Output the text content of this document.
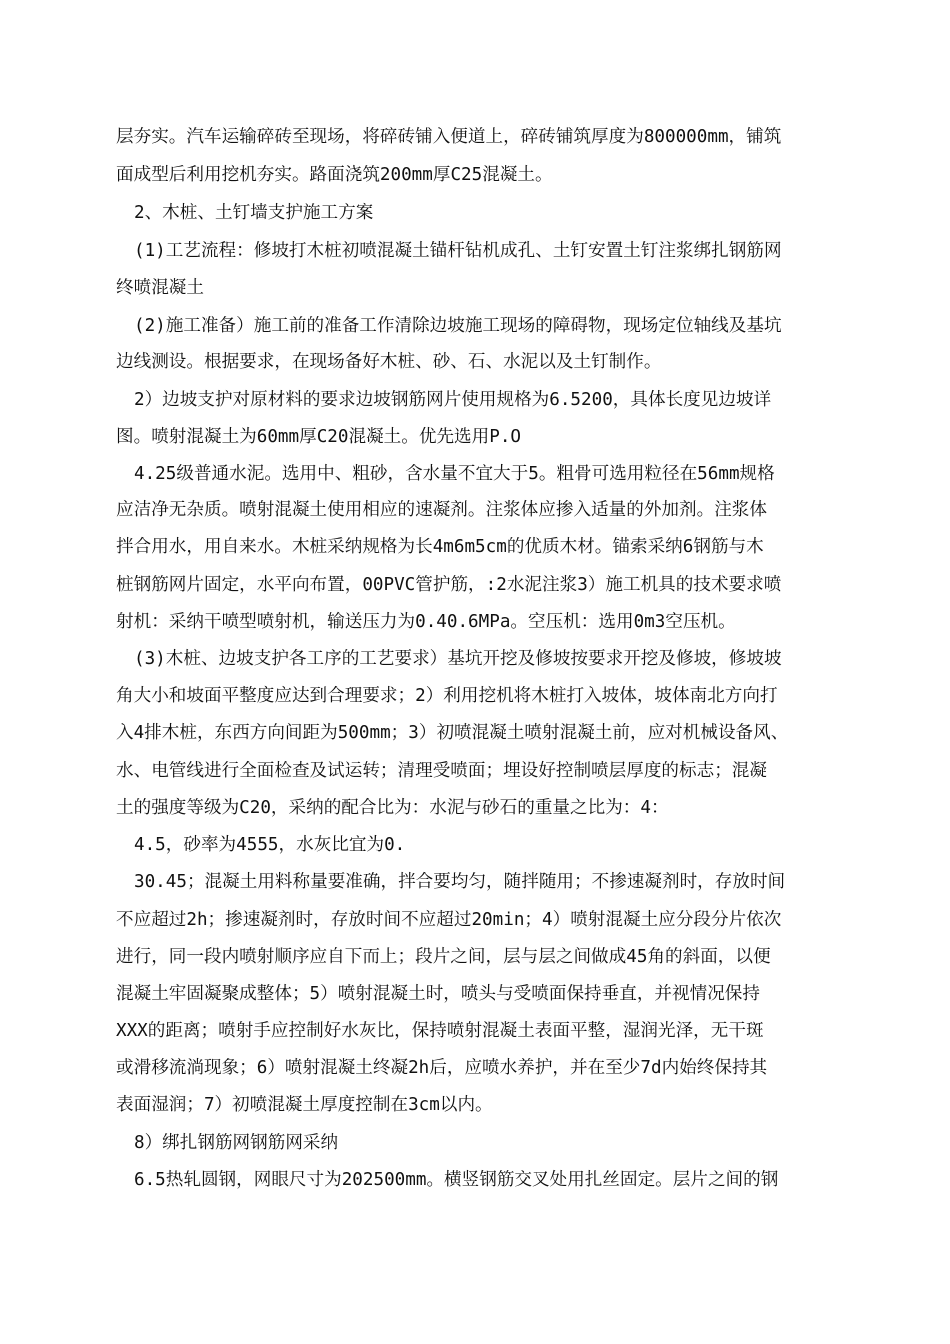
层夯实。汽车运输碎砖至现场，将碎砖铺入便道上，碎砖铺筑厚度为800000mm，铺筑
面成型后利用挖机夯实。路面浇筑200mm厚C25混凝土。
2、木桩、土钉墙支护施工方案
(1)工艺流程：修坡打木桩初喷混凝土锚杆钻机成孔、土钉安置土钉注浆绑扎钢筋网
终喷混凝土
(2)施工准备）施工前的准备工作清除边坡施工现场的障碍物，现场定位轴线及基坑
边线测设。根据要求，在现场备好木桩、砂、石、水泥以及土钉制作。
2）边坡支护对原材料的要求边坡钢筋网片使用规格为6.5200，具体长度见边坡详
图。喷射混凝土为60mm厚C20混凝土。优先选用P.O
4.25级普通水泥。选用中、粗砂，含水量不宜大于5。粗骨可选用粒径在56mm规格
应洁净无杂质。喷射混凝土使用相应的速凝剂。注浆体应掺入适量的外加剂。注浆体
拌合用水，用自来水。木桩采纳规格为长4m6m5cm的优质木材。锚索采纳6钢筋与木
桩钢筋网片固定，水平向布置，00PVC管护筋，:2水泥注浆3）施工机具的技术要求喷
射机：采纳干喷型喷射机，输送压力为0.40.6MPa。空压机：选用0m3空压机。
(3)木桩、边坡支护各工序的工艺要求）基坑开挖及修坡按要求开挖及修坡，修坡坡
角大小和坡面平整度应达到合理要求；2）利用挖机将木桩打入坡体，坡体南北方向打
入4排木桩，东西方向间距为500mm；3）初喷混凝土喷射混凝土前，应对机械设备风、
水、电管线进行全面检查及试运转；清理受喷面；埋设好控制喷层厚度的标志；混凝
土的强度等级为C20，采纳的配合比为：水泥与砂石的重量之比为：4：
4.5，砂率为4555，水灰比宜为0.
30.45；混凝土用料称量要准确，拌合要均匀，随拌随用；不掺速凝剂时，存放时间
不应超过2h；掺速凝剂时，存放时间不应超过20min；4）喷射混凝土应分段分片依次
进行，同一段内喷射顺序应自下而上；段片之间，层与层之间做成45角的斜面，以便
混凝土牢固凝聚成整体；5）喷射混凝土时，喷头与受喷面保持垂直，并视情况保持
XXX的距离；喷射手应控制好水灰比，保持喷射混凝土表面平整，湿润光泽，无干斑
或滑移流淌现象；6）喷射混凝土终凝2h后，应喷水养护，并在至少7d内始终保持其
表面湿润；7）初喷混凝土厚度控制在3cm以内。
8）绑扎钢筋网钢筋网采纳
6.5热轧圆钢，网眼尺寸为202500mm。横竖钢筋交叉处用扎丝固定。层片之间的钢
